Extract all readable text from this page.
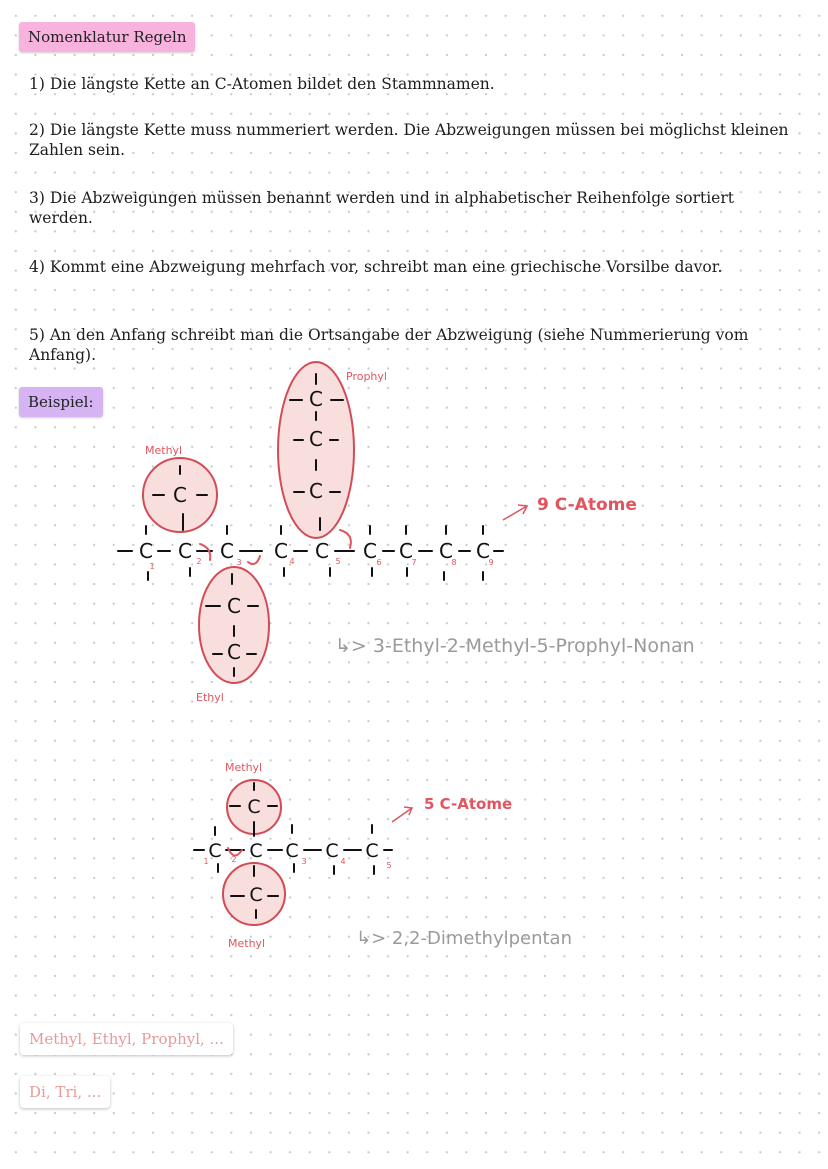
Nomenklatur Regeln
1) Die längste Kette an C-Atomen bildet den Stammnamen.
2) Die längste Kette muss nummeriert werden. Die Abzweigungen müssen bei möglichst kleinen Zahlen sein.
3) Die Abzweigungen müssen benannt werden und in alphabetischer Reihenfolge sortiert werden.
4) Kommt eine Abzweigung mehrfach vor, schreibt man eine griechische Vorsilbe davor.
5) An den Anfang schreibt man die Ortsangabe der Abzweigung (siehe Nummerierung vom Anfang).
Beispiel:
C
C
C
C
C
C
C C C C C C C C C
1
2	3	4	5	6	7	8	9
Methyl
Prophyl
Ethyl
9 C-Atome
↳> 3-Ethyl-2-Methyl-5-Prophyl-Nonan
C
C
C C C C C
1	2	3	4	5
Methyl
Methyl
5 C-Atome
↳> 2,2-Dimethylpentan
Methyl, Ethyl, Prophyl, ...
Di, Tri, ...
